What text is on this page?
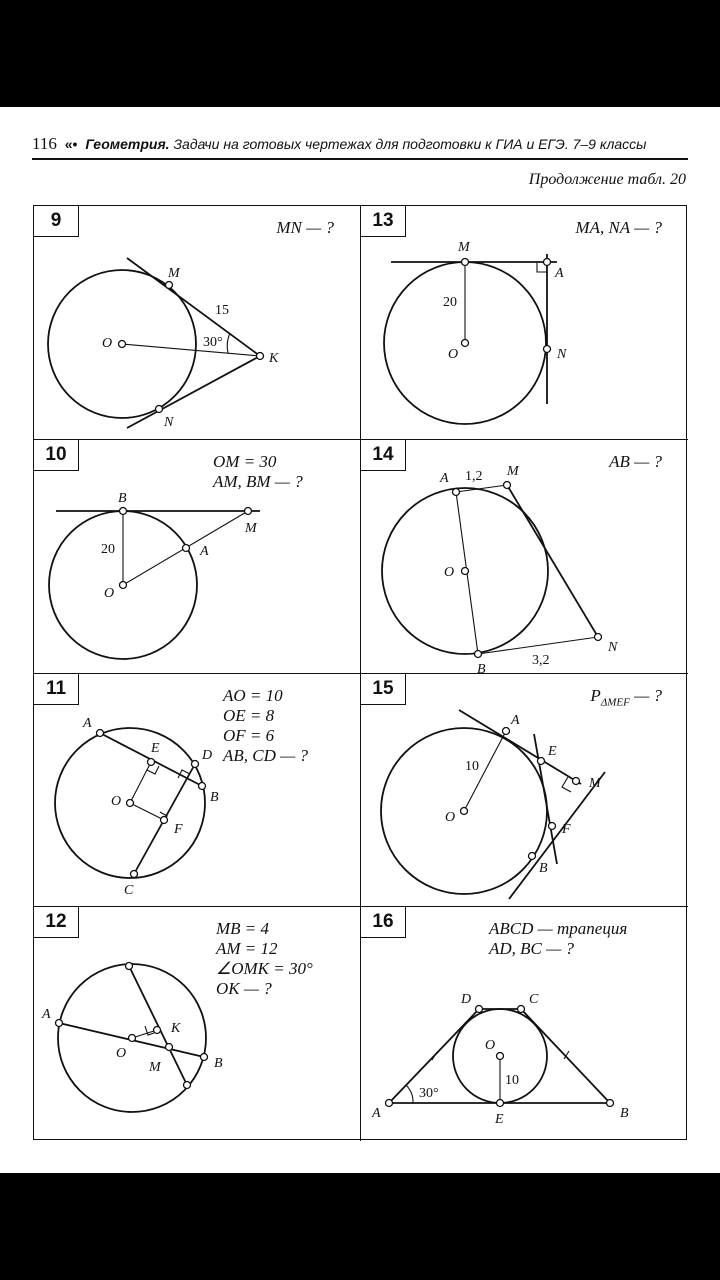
116 «• Геометрия. Задачи на готовых чертежах для подготовки к ГИА и ЕГЭ. 7–9 классы
Продолжение табл. 20
M
N
O
K
15
30°
9	MN — ?
M
A
O	N
20
13	MA, NA — ?
B
M
A
O
20
10	OM = 30
AM, BM — ?	A	M
O
N
B
1,2
3,2
14	AB — ?
A
E	D
O	B
F
C
11	AO = 10
OE = 8
OF = 6
AB, CD — ?
A
E
M
O
F
B
10
15	$P_{\Delta MEF}$ — ?
A
K
O
M	B
12	MB = 4
AM = 12
∠OMK = 30°
OK — ?
D	C
O
A	E	B
30°
10
16	ABCD — трапеция
AD, BC — ?
